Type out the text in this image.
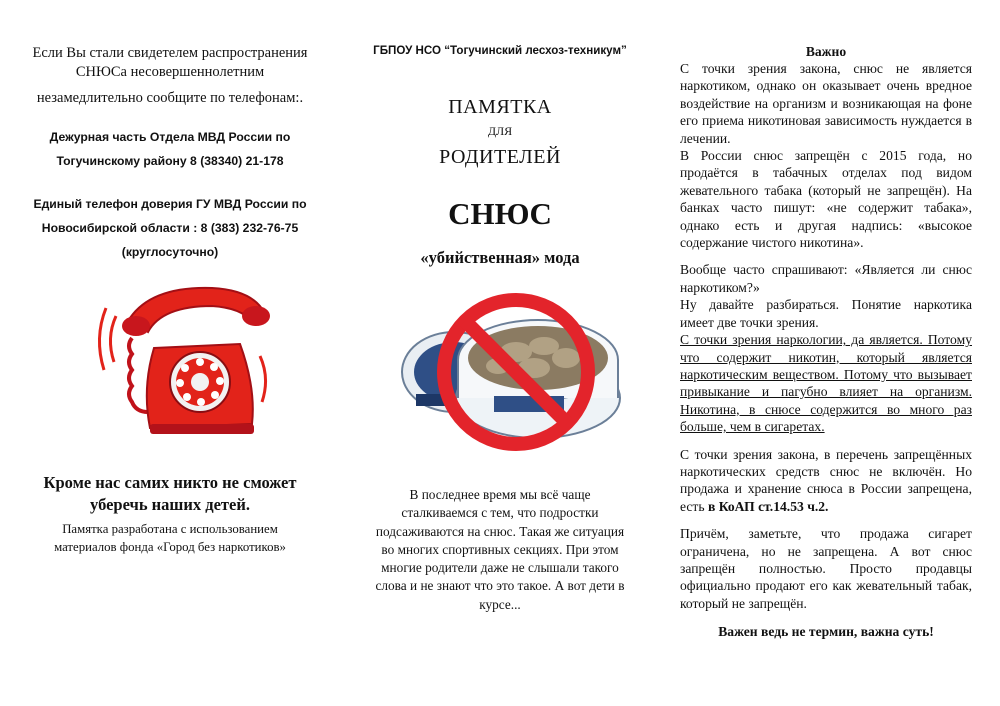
Если Вы стали свидетелем распространения

СНЮСа несовершеннолетним

незамедлительно сообщите по телефонам:.

Дежурная часть Отдела МВД России по

Тогучинскому району 8 (38340) 21-178

Единый телефон доверия ГУ МВД России по

Новосибирской области : 8 (383) 232-76-75

(круглосуточно)

Кроме нас самих никто не сможет

уберечь наших детей.

Памятка разработана с использованием

материалов фонда «Город без наркотиков»

ГБПОУ НСО “Тогучинский лесхоз-техникум”

ПАМЯТКА

ДЛЯ

РОДИТЕЛЕЙ

СНЮС

«убийственная» мода

В последнее время мы всё чаще

сталкиваемся с тем, что подростки

подсаживаются на снюс. Такая же ситуация

во многих спортивных секциях. При этом

многие родители даже не слышали такого

слова и не знают что это такое. А вот дети в

курсе...

Важно

С точки зрения закона, снюс не является наркотиком, однако он оказывает очень вредное воздействие на организм и возникающая на фоне его приема никотиновая зависимость нуждается в лечении.

В России снюс запрещён с 2015 года, но продаётся в табачных отделах под видом жевательного табака (который не запрещён). На банках часто пишут: «не содержит табака», однако есть и другая надпись: «высокое содержание чистого никотина».

Вообще часто спрашивают: «Является ли снюс наркотиком?»

Ну давайте разбираться. Понятие наркотика имеет две точки зрения.

С точки зрения наркологии, да является. Потому что содержит никотин, который является наркотическим веществом. Потому что вызывает привыкание и пагубно влияет на организм. Никотина, в снюсе содержится во много раз больше, чем в сигаретах.

С точки зрения закона, в перечень запрещённых наркотических средств снюс не включён. Но продажа и хранение снюса в России запрещена, есть в КоАП ст.14.53 ч.2.

Причём, заметьте, что продажа сигарет ограничена, но не запрещена. А вот снюс запрещён полностью. Просто продавцы официально продают его как жевательный табак, который не запрещён.

Важен ведь не термин, важна суть!
